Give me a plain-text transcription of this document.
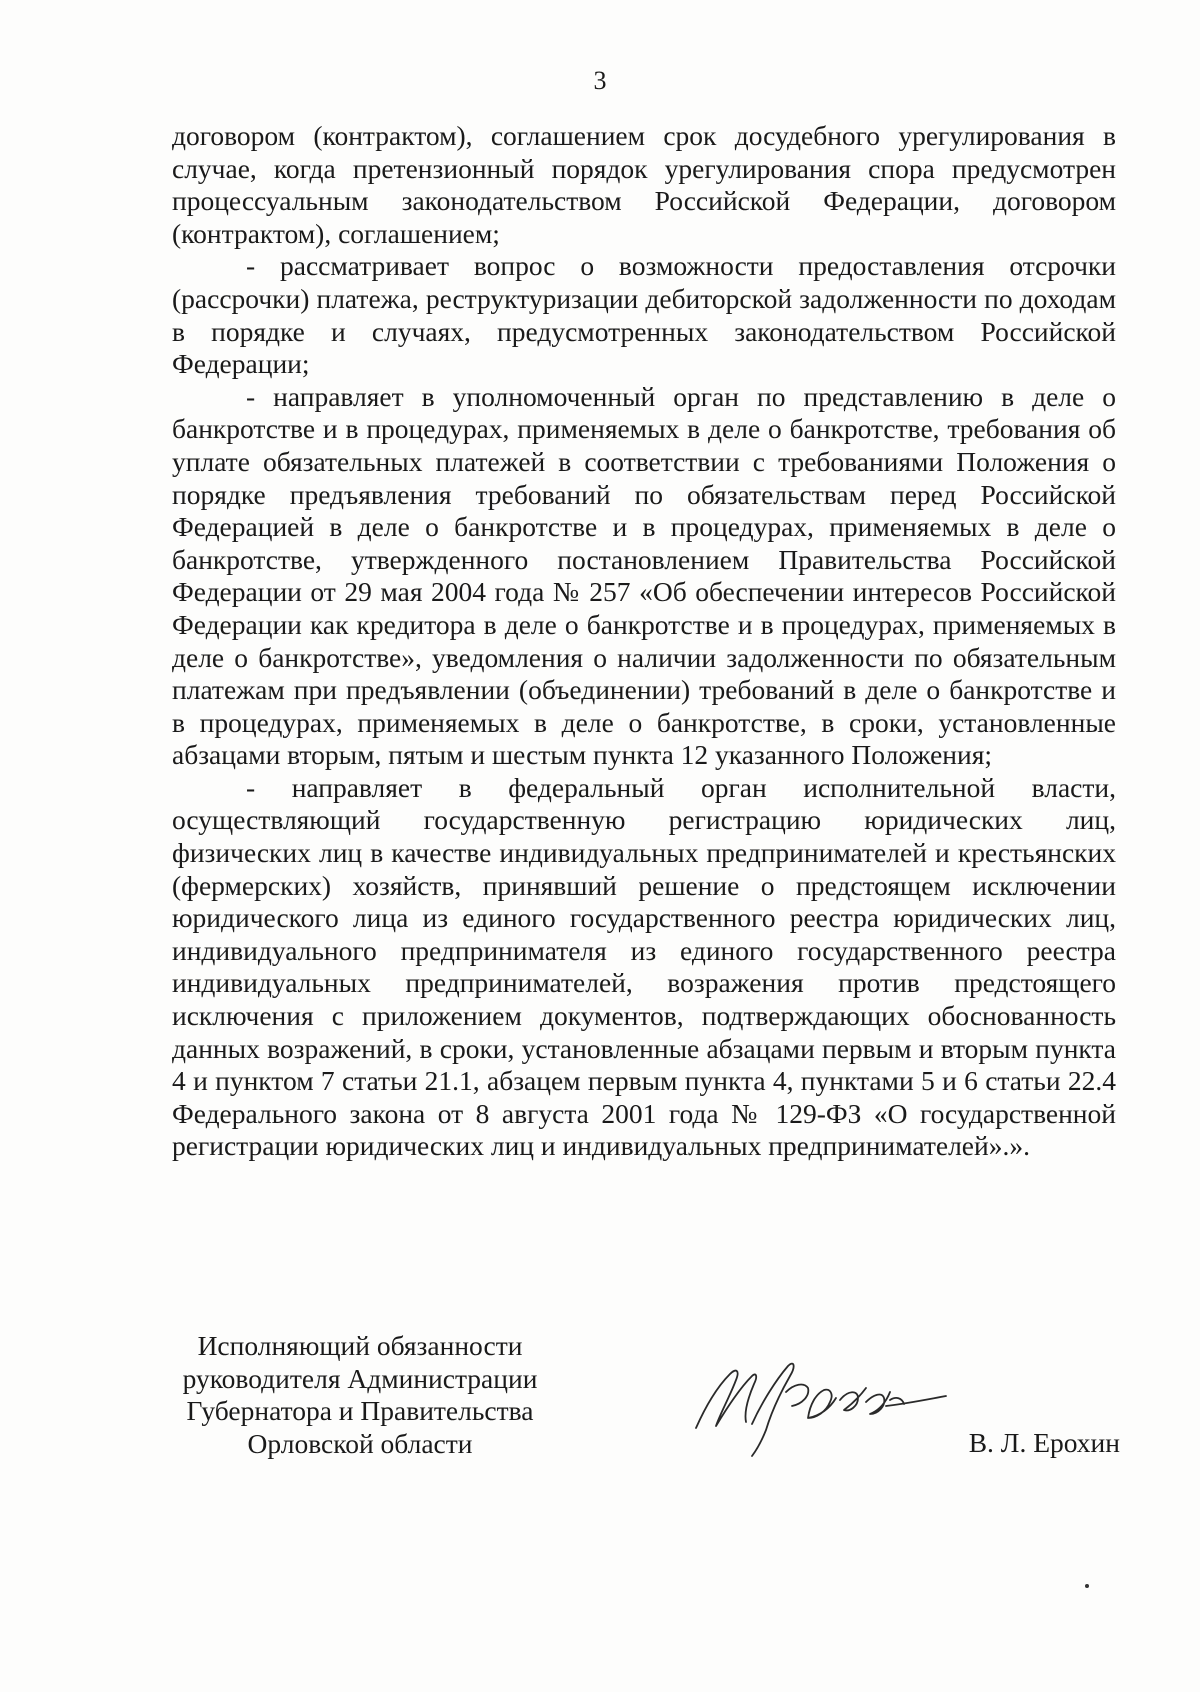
3

договором (контрактом), соглашением срок досудебного урегулирования в случае, когда претензионный порядок урегулирования спора предусмотрен процессуальным законодательством Российской Федерации, договором (контрактом), соглашением;

- рассматривает вопрос о возможности предоставления отсрочки (рассрочки) платежа, реструктуризации дебиторской задолженности по доходам в порядке и случаях, предусмотренных законодательством Российской Федерации;

- направляет в уполномоченный орган по представлению в деле о банкротстве и в процедурах, применяемых в деле о банкротстве, требования об уплате обязательных платежей в соответствии с требованиями Положения о порядке предъявления требований по обязательствам перед Российской Федерацией в деле о банкротстве и в процедурах, применяемых в деле о банкротстве, утвержденного постановлением Правительства Российской Федерации от 29 мая 2004 года № 257 «Об обеспечении интересов Российской Федерации как кредитора в деле о банкротстве и в процедурах, применяемых в деле о банкротстве», уведомления о наличии задолженности по обязательным платежам при предъявлении (объединении) требований в деле о банкротстве и в процедурах, применяемых в деле о банкротстве, в сроки, установленные абзацами вторым, пятым и шестым пункта 12 указанного Положения;

- направляет в федеральный орган исполнительной власти, осуществляющий государственную регистрацию юридических лиц, физических лиц в качестве индивидуальных предпринимателей и крестьянских (фермерских) хозяйств, принявший решение о предстоящем исключении юридического лица из единого государственного реестра юридических лиц, индивидуального предпринимателя из единого государственного реестра индивидуальных предпринимателей, возражения против предстоящего исключения с приложением документов, подтверждающих обоснованность данных возражений, в сроки, установленные абзацами первым и вторым пункта 4 и пунктом 7 статьи 21.1, абзацем первым пункта 4, пунктами 5 и 6 статьи 22.4 Федерального закона от 8 августа 2001 года № 129-ФЗ «О государственной регистрации юридических лиц и индивидуальных предпринимателей».».

Исполняющий обязанности
руководителя Администрации
Губернатора и Правительства
Орловской области	В. Л. Ерохин
